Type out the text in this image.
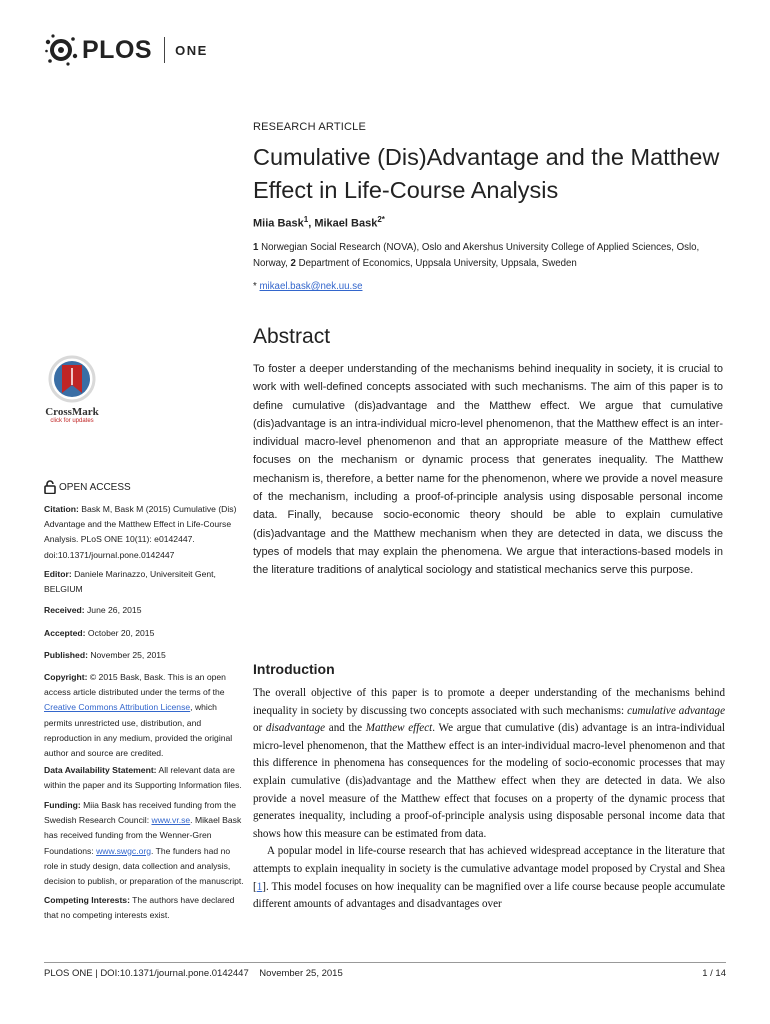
PLOS ONE
RESEARCH ARTICLE
Cumulative (Dis)Advantage and the Matthew Effect in Life-Course Analysis
Miia Bask$^1$, Mikael Bask$^{2*}$
1 Norwegian Social Research (NOVA), Oslo and Akershus University College of Applied Sciences, Oslo, Norway, 2 Department of Economics, Uppsala University, Uppsala, Sweden
* mikael.bask@nek.uu.se
CrossMark
click for updates
Abstract
To foster a deeper understanding of the mechanisms behind inequality in society, it is crucial to work with well-defined concepts associated with such mechanisms. The aim of this paper is to define cumulative (dis)advantage and the Matthew effect. We argue that cumulative (dis)advantage is an intra-individual micro-level phenomenon, that the Matthew effect is an inter-individual macro-level phenomenon and that an appropriate measure of the Matthew effect focuses on the mechanism or dynamic process that generates inequality. The Matthew mechanism is, therefore, a better name for the phenomenon, where we provide a novel measure of the mechanism, including a proof-of-principle analysis using disposable personal income data. Finally, because socio-economic theory should be able to explain cumulative (dis)advantage and the Matthew mechanism when they are detected in data, we discuss the types of models that may explain the phenomena. We argue that interactions-based models in the literature traditions of analytical sociology and statistical mechanics serve this purpose.
OPEN ACCESS
Citation: Bask M, Bask M (2015) Cumulative (Dis) Advantage and the Matthew Effect in Life-Course Analysis. PLoS ONE 10(11): e0142447. doi:10.1371/journal.pone.0142447
Editor: Daniele Marinazzo, Universiteit Gent, BELGIUM
Received: June 26, 2015
Accepted: October 20, 2015
Published: November 25, 2015
Copyright: © 2015 Bask, Bask. This is an open access article distributed under the terms of the Creative Commons Attribution License, which permits unrestricted use, distribution, and reproduction in any medium, provided the original author and source are credited.
Data Availability Statement: All relevant data are within the paper and its Supporting Information files.
Funding: Miia Bask has received funding from the Swedish Research Council: www.vr.se. Mikael Bask has received funding from the Wenner-Gren Foundations: www.swgc.org. The funders had no role in study design, data collection and analysis, decision to publish, or preparation of the manuscript.
Competing Interests: The authors have declared that no competing interests exist.
Introduction

The overall objective of this paper is to promote a deeper understanding of the mechanisms behind inequality in society by discussing two concepts associated with such mechanisms: cumulative advantage or disadvantage and the Matthew effect. We argue that cumulative (dis) advantage is an intra-individual micro-level phenomenon, that the Matthew effect is an inter-individual macro-level phenomenon and that this difference in phenomena has consequences for the modeling of socio-economic processes that may explain cumulative (dis)advantage and the Matthew effect when they are detected in data. We also provide a novel measure of the Matthew effect that focuses on a property of the dynamic process that generates inequality, including a proof-of-principle analysis using disposable personal income data that shows how this measure can be estimated from data.

A popular model in life-course research that has achieved widespread acceptance in the literature that attempts to explain inequality in society is the cumulative advantage model proposed by Crystal and Shea [1]. This model focuses on how inequality can be magnified over a life course because people accumulate different amounts of advantages and disadvantages over

PLOS ONE | DOI:10.1371/journal.pone.0142447    November 25, 2015	1 / 14
